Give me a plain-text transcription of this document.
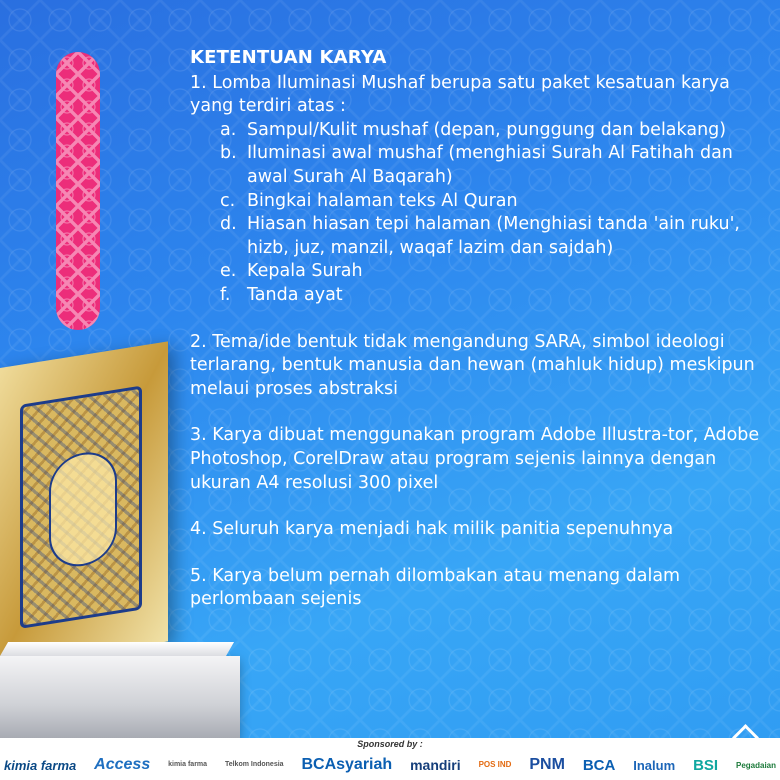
KETENTUAN KARYA

1. Lomba Iluminasi Mushaf berupa satu paket kesatuan karya yang terdiri atas :

a. Sampul/Kulit mushaf (depan, punggung dan belakang)
b. Iluminasi awal mushaf (menghiasi Surah Al Fatihah dan awal Surah Al Baqarah)
c. Bingkai halaman teks Al Quran
d. Hiasan hiasan tepi halaman (Menghiasi tanda 'ain ruku', hizb, juz, manzil, waqaf lazim dan sajdah)
e. Kepala Surah
f. Tanda ayat

2. Tema/ide bentuk tidak mengandung SARA, simbol ideologi terlarang, bentuk manusia dan hewan (mahluk hidup) meskipun melaui proses abstraksi

3. Karya dibuat menggunakan program Adobe Illustra-tor, Adobe Photoshop, CorelDraw atau program sejenis lainnya dengan ukuran A4 resolusi 300 pixel

4. Seluruh karya menjadi hak milik panitia sepenuhnya

5. Karya belum pernah dilombakan atau menang dalam perlombaan sejenis

Sponsored by :
kimia farma Access	kimia farma	Telkom Indonesia BCAsyariah mandiri POS IND PNM BCA Inalum BSI Pegadaian
